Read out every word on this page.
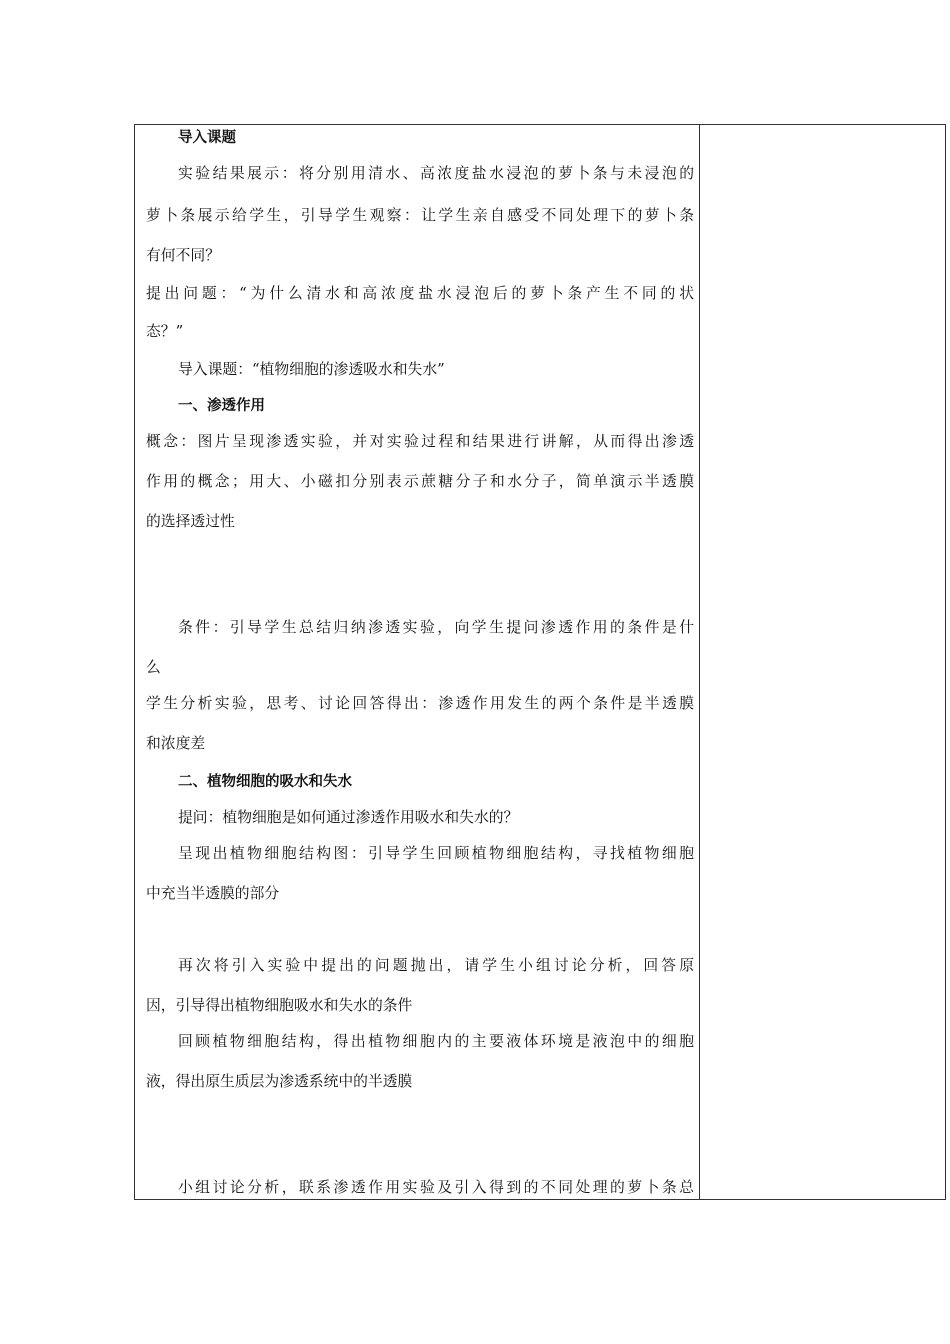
导入课题
实验结果展示：将分别用清水、高浓度盐水浸泡的萝卜条与未浸泡的
萝卜条展示给学生，引导学生观察：让学生亲自感受不同处理下的萝卜条
有何不同？
提出问题：“为什么清水和高浓度盐水浸泡后的萝卜条产生不同的状
态？”
导入课题：“植物细胞的渗透吸水和失水”
一、渗透作用
概念：图片呈现渗透实验，并对实验过程和结果进行讲解，从而得出渗透
作用的概念；用大、小磁扣分别表示蔗糖分子和水分子，简单演示半透膜
的选择透过性
条件：引导学生总结归纳渗透实验，向学生提问渗透作用的条件是什
么
学生分析实验，思考、讨论回答得出：渗透作用发生的两个条件是半透膜
和浓度差
二、植物细胞的吸水和失水
提问：植物细胞是如何通过渗透作用吸水和失水的？
呈现出植物细胞结构图：引导学生回顾植物细胞结构，寻找植物细胞
中充当半透膜的部分
再次将引入实验中提出的问题抛出，请学生小组讨论分析，回答原
因，引导得出植物细胞吸水和失水的条件
回顾植物细胞结构，得出植物细胞内的主要液体环境是液泡中的细胞
液，得出原生质层为渗透系统中的半透膜
小组讨论分析，联系渗透作用实验及引入得到的不同处理的萝卜条总
